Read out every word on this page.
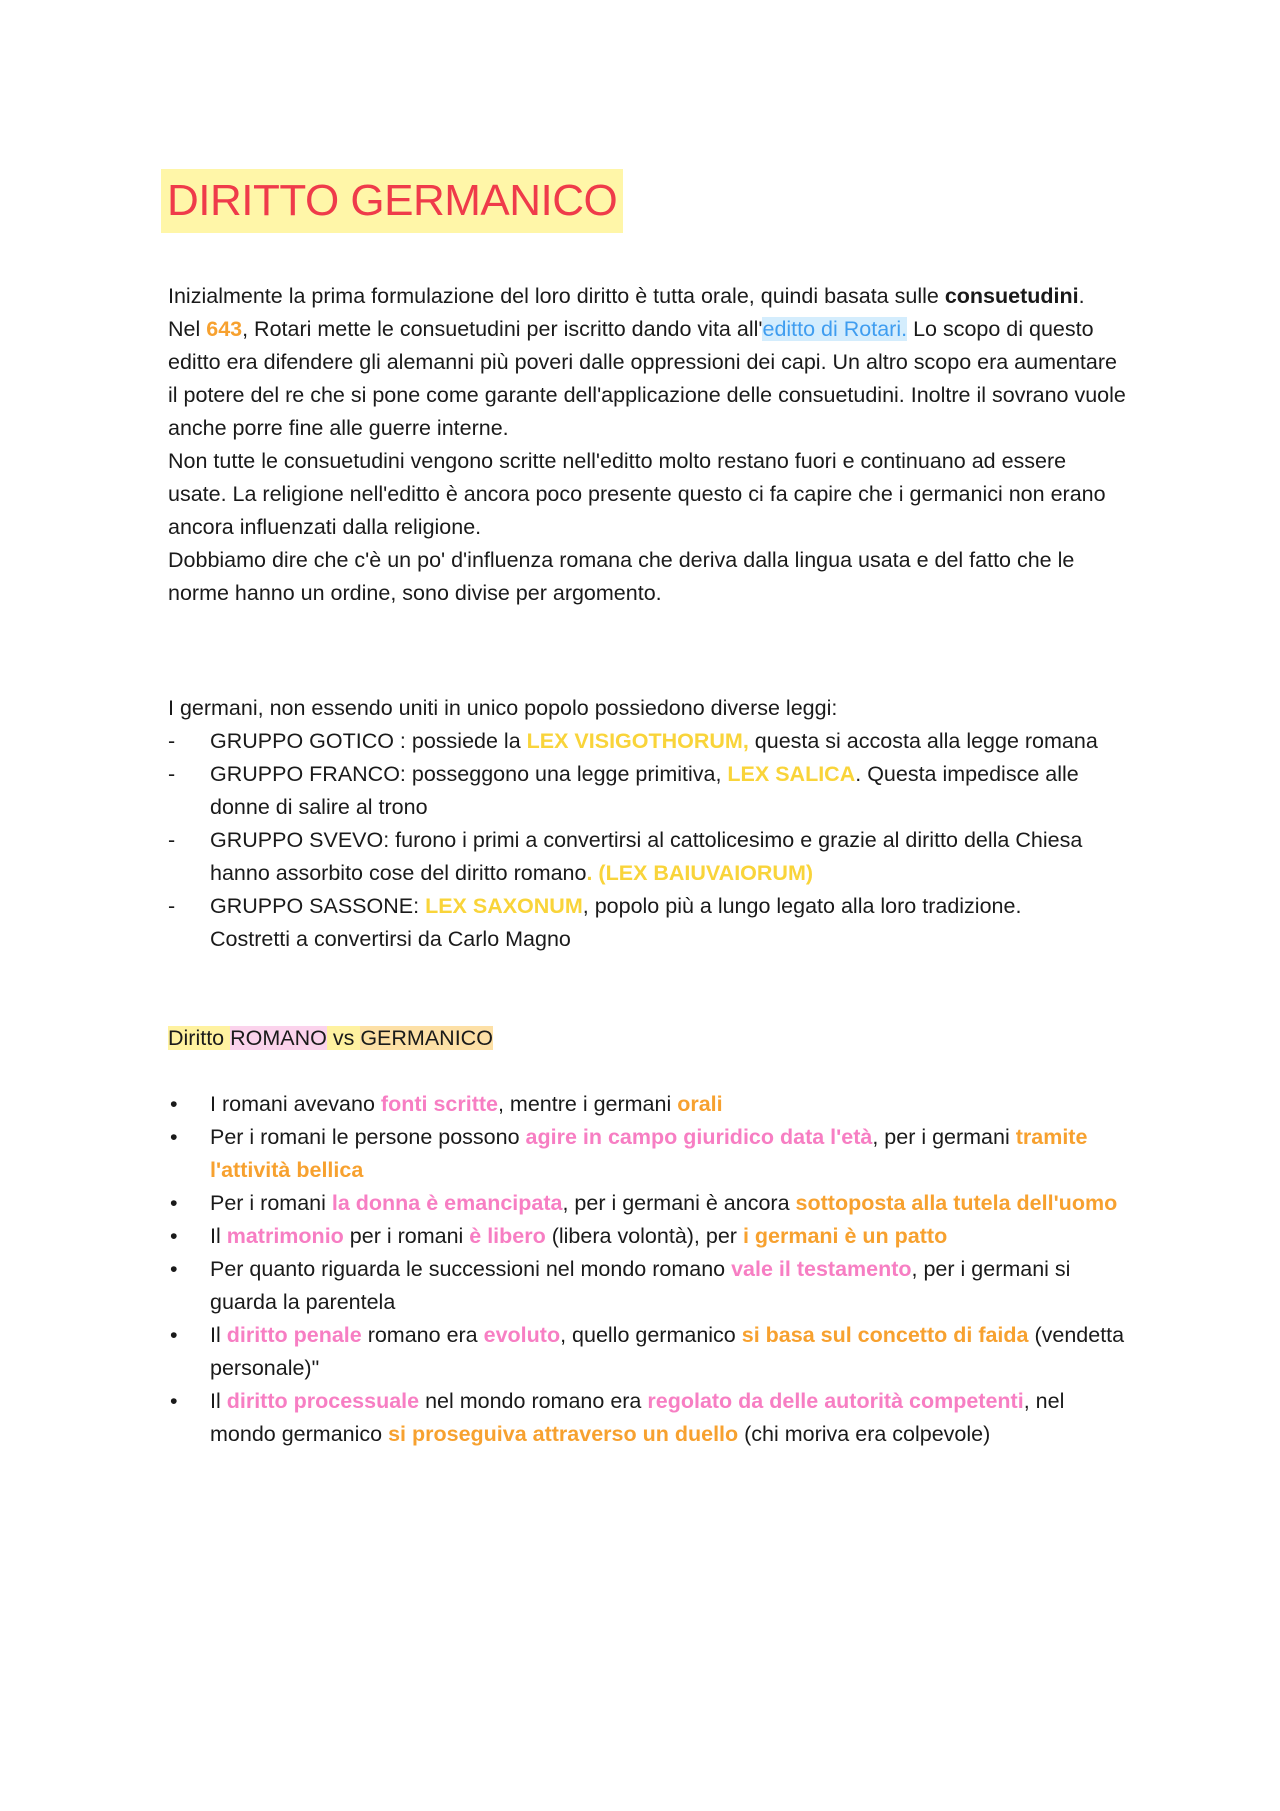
DIRITTO GERMANICO

Inizialmente la prima formulazione del loro diritto è tutta orale, quindi basata sulle consuetudini.
Nel 643, Rotari mette le consuetudini per iscritto dando vita all'editto di Rotari. Lo scopo di questo editto era difendere gli alemanni più poveri dalle oppressioni dei capi. Un altro scopo era aumentare il potere del re che si pone come garante dell'applicazione delle consuetudini. Inoltre il sovrano vuole anche porre fine alle guerre interne.
Non tutte le consuetudini vengono scritte nell'editto molto restano fuori e continuano ad essere usate. La religione nell'editto è ancora poco presente questo ci fa capire che i germanici non erano ancora influenzati dalla religione.
Dobbiamo dire che c'è un po' d'influenza romana che deriva dalla lingua usata e del fatto che le norme hanno un ordine, sono divise per argomento.

I germani, non essendo uniti in unico popolo possiedono diverse leggi:

-	GRUPPO GOTICO : possiede la LEX VISIGOTHORUM, questa si accosta alla legge romana
-	GRUPPO FRANCO: posseggono una legge primitiva, LEX SALICA. Questa impedisce alle donne di salire al trono
-	GRUPPO SVEVO: furono i primi a convertirsi al cattolicesimo e grazie al diritto della Chiesa hanno assorbito cose del diritto romano. (LEX BAIUVAIORUM)
-	GRUPPO SASSONE: LEX SAXONUM, popolo più a lungo legato alla loro tradizione.
Costretti a convertirsi da Carlo Magno
Diritto ROMANO vs GERMANICO
•	I romani avevano fonti scritte, mentre i germani orali
•	Per i romani le persone possono agire in campo giuridico data l'età, per i germani tramite l'attività bellica
•	Per i romani la donna è emancipata, per i germani è ancora sottoposta alla tutela dell'uomo
•	Il matrimonio per i romani è libero (libera volontà), per i germani è un patto
•	Per quanto riguarda le successioni nel mondo romano vale il testamento, per i germani si guarda la parentela
•	Il diritto penale romano era evoluto, quello germanico si basa sul concetto di faida (vendetta personale)"
•	Il diritto processuale nel mondo romano era regolato da delle autorità competenti, nel mondo germanico si proseguiva attraverso un duello (chi moriva era colpevole)
